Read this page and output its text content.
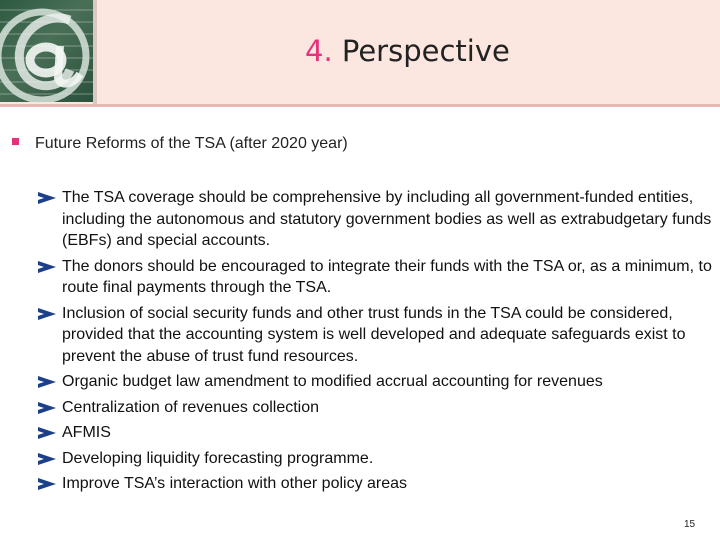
4. Perspective
Future Reforms of the TSA (after 2020 year)
The TSA coverage should be comprehensive by including all government-funded entities, including the autonomous and statutory government bodies as well as extrabudgetary funds (EBFs) and special accounts.
The donors should be encouraged to integrate their funds with the TSA or, as a minimum, to route final payments through the TSA.
Inclusion of social security funds and other trust funds in the TSA could be considered, provided that the accounting system is well developed and adequate safeguards exist to prevent the abuse of trust fund resources.
Organic budget law amendment to modified accrual accounting for revenues
Centralization of revenues collection
AFMIS
Developing liquidity forecasting programme.
Improve TSA’s interaction with other policy areas
15
